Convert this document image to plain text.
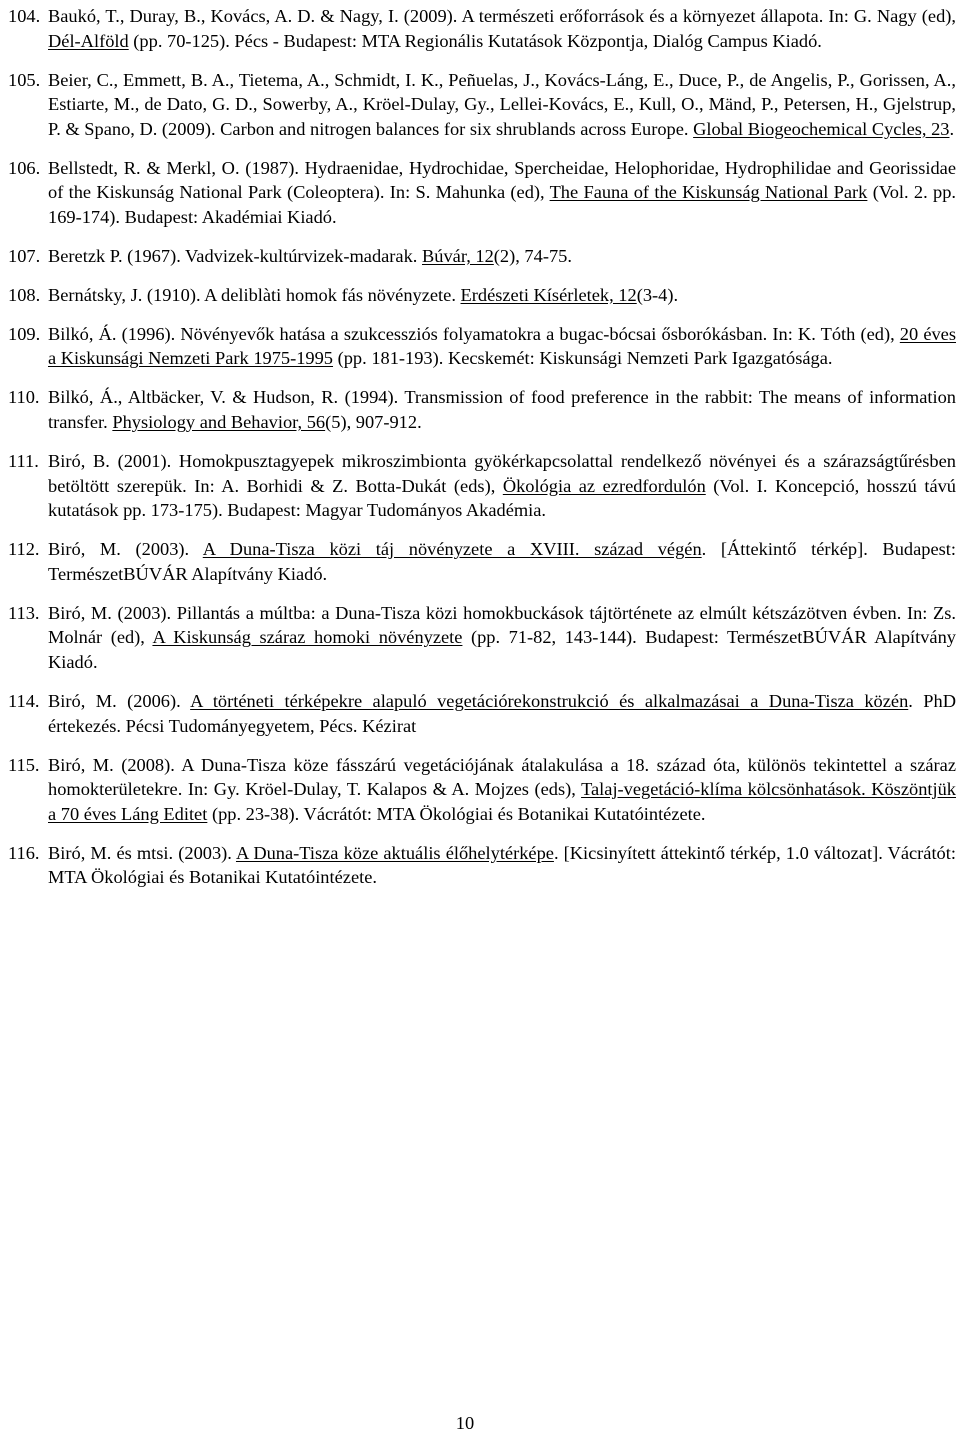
104. Baukó, T., Duray, B., Kovács, A. D. & Nagy, I. (2009). A természeti erőforrások és a környezet állapota. In: G. Nagy (ed), Dél-Alföld (pp. 70-125). Pécs - Budapest: MTA Regionális Kutatások Központja, Dialóg Campus Kiadó.
105. Beier, C., Emmett, B. A., Tietema, A., Schmidt, I. K., Peñuelas, J., Kovács-Láng, E., Duce, P., de Angelis, P., Gorissen, A., Estiarte, M., de Dato, G. D., Sowerby, A., Kröel-Dulay, Gy., Lellei-Kovács, E., Kull, O., Mänd, P., Petersen, H., Gjelstrup, P. & Spano, D. (2009). Carbon and nitrogen balances for six shrublands across Europe. Global Biogeochemical Cycles, 23.
106. Bellstedt, R. & Merkl, O. (1987). Hydraenidae, Hydrochidae, Spercheidae, Helophoridae, Hydrophilidae and Georissidae of the Kiskunság National Park (Coleoptera). In: S. Mahunka (ed), The Fauna of the Kiskunság National Park (Vol. 2. pp. 169-174). Budapest: Akadémiai Kiadó.
107. Beretzk P. (1967). Vadvizek-kultúrvizek-madarak. Búvár, 12(2), 74-75.
108. Bernátsky, J. (1910). A deliblàti homok fás növényzete. Erdészeti Kísérletek, 12(3-4).
109. Bilkó, Á. (1996). Növényevők hatása a szukcessziós folyamatokra a bugac-bócsai ősborókásban. In: K. Tóth (ed), 20 éves a Kiskunsági Nemzeti Park 1975-1995 (pp. 181-193). Kecskemét: Kiskunsági Nemzeti Park Igazgatósága.
110. Bilkó, Á., Altbäcker, V. & Hudson, R. (1994). Transmission of food preference in the rabbit: The means of information transfer. Physiology and Behavior, 56(5), 907-912.
111. Biró, B. (2001). Homokpusztagyepek mikroszimbionta gyökérkapcsolattal rendelkező növényei és a szárazságtűrésben betöltött szerepük. In: A. Borhidi & Z. Botta-Dukát (eds), Ökológia az ezredfordulón (Vol. I. Koncepció, hosszú távú kutatások pp. 173-175). Budapest: Magyar Tudományos Akadémia.
112. Biró, M. (2003). A Duna-Tisza közi táj növényzete a XVIII. század végén. [Áttekintő térkép]. Budapest: TermészetBÚVÁR Alapítvány Kiadó.
113. Biró, M. (2003). Pillantás a múltba: a Duna-Tisza közi homokbuckások tájtörténete az elmúlt kétszázötven évben. In: Zs. Molnár (ed), A Kiskunság száraz homoki növényzete (pp. 71-82, 143-144). Budapest: TermészetBÚVÁR Alapítvány Kiadó.
114. Biró, M. (2006). A történeti térképekre alapuló vegetációrekonstrukció és alkalmazásai a Duna-Tisza közén. PhD értekezés. Pécsi Tudományegyetem, Pécs. Kézirat
115. Biró, M. (2008). A Duna-Tisza köze fásszárú vegetációjának átalakulása a 18. század óta, különös tekintettel a száraz homokterületekre. In: Gy. Kröel-Dulay, T. Kalapos & A. Mojzes (eds), Talaj-vegetáció-klíma kölcsönhatások. Köszöntjük a 70 éves Láng Editet (pp. 23-38). Vácrátót: MTA Ökológiai és Botanikai Kutatóintézete.
116. Biró, M. és mtsi. (2003). A Duna-Tisza köze aktuális élőhelytérképe. [Kicsinyített áttekintő térkép, 1.0 változat]. Vácrátót: MTA Ökológiai és Botanikai Kutatóintézete.
10
